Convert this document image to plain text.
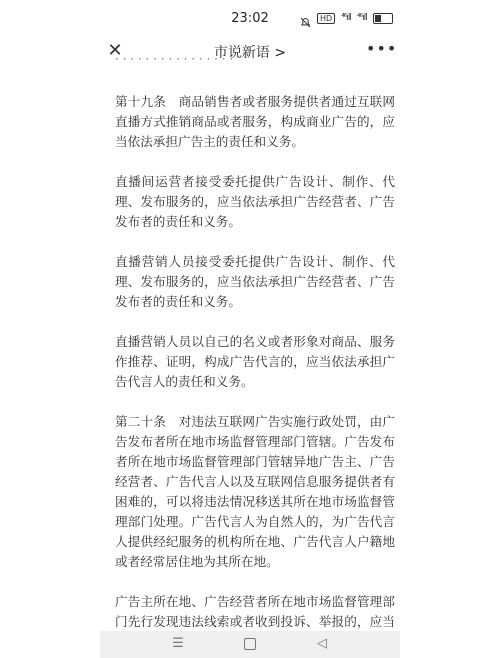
23:02	HD	⁴⁶ıll ⁴⁶ıll
✕	市说新语 >	•••

第十九条　商品销售者或者服务提供者通过互联网直播方式推销商品或者服务，构成商业广告的，应当依法承担广告主的责任和义务。

直播间运营者接受委托提供广告设计、制作、代理、发布服务的，应当依法承担广告经营者、广告发布者的责任和义务。

直播营销人员接受委托提供广告设计、制作、代理、发布服务的，应当依法承担广告经营者、广告发布者的责任和义务。

直播营销人员以自己的名义或者形象对商品、服务作推荐、证明，构成广告代言的，应当依法承担广告代言人的责任和义务。

第二十条　对违法互联网广告实施行政处罚，由广告发布者所在地市场监督管理部门管辖。广告发布者所在地市场监督管理部门管辖异地广告主、广告经营者、广告代言人以及互联网信息服务提供者有困难的，可以将违法情况移送其所在地市场监督管理部门处理。广告代言人为自然人的，为广告代言人提供经纪服务的机构所在地、广告代言人户籍地或者经常居住地为其所在地。

广告主所在地、广告经营者所在地市场监督管理部门先行发现违法线索或者收到投诉、举报的，应当

☰	◁
